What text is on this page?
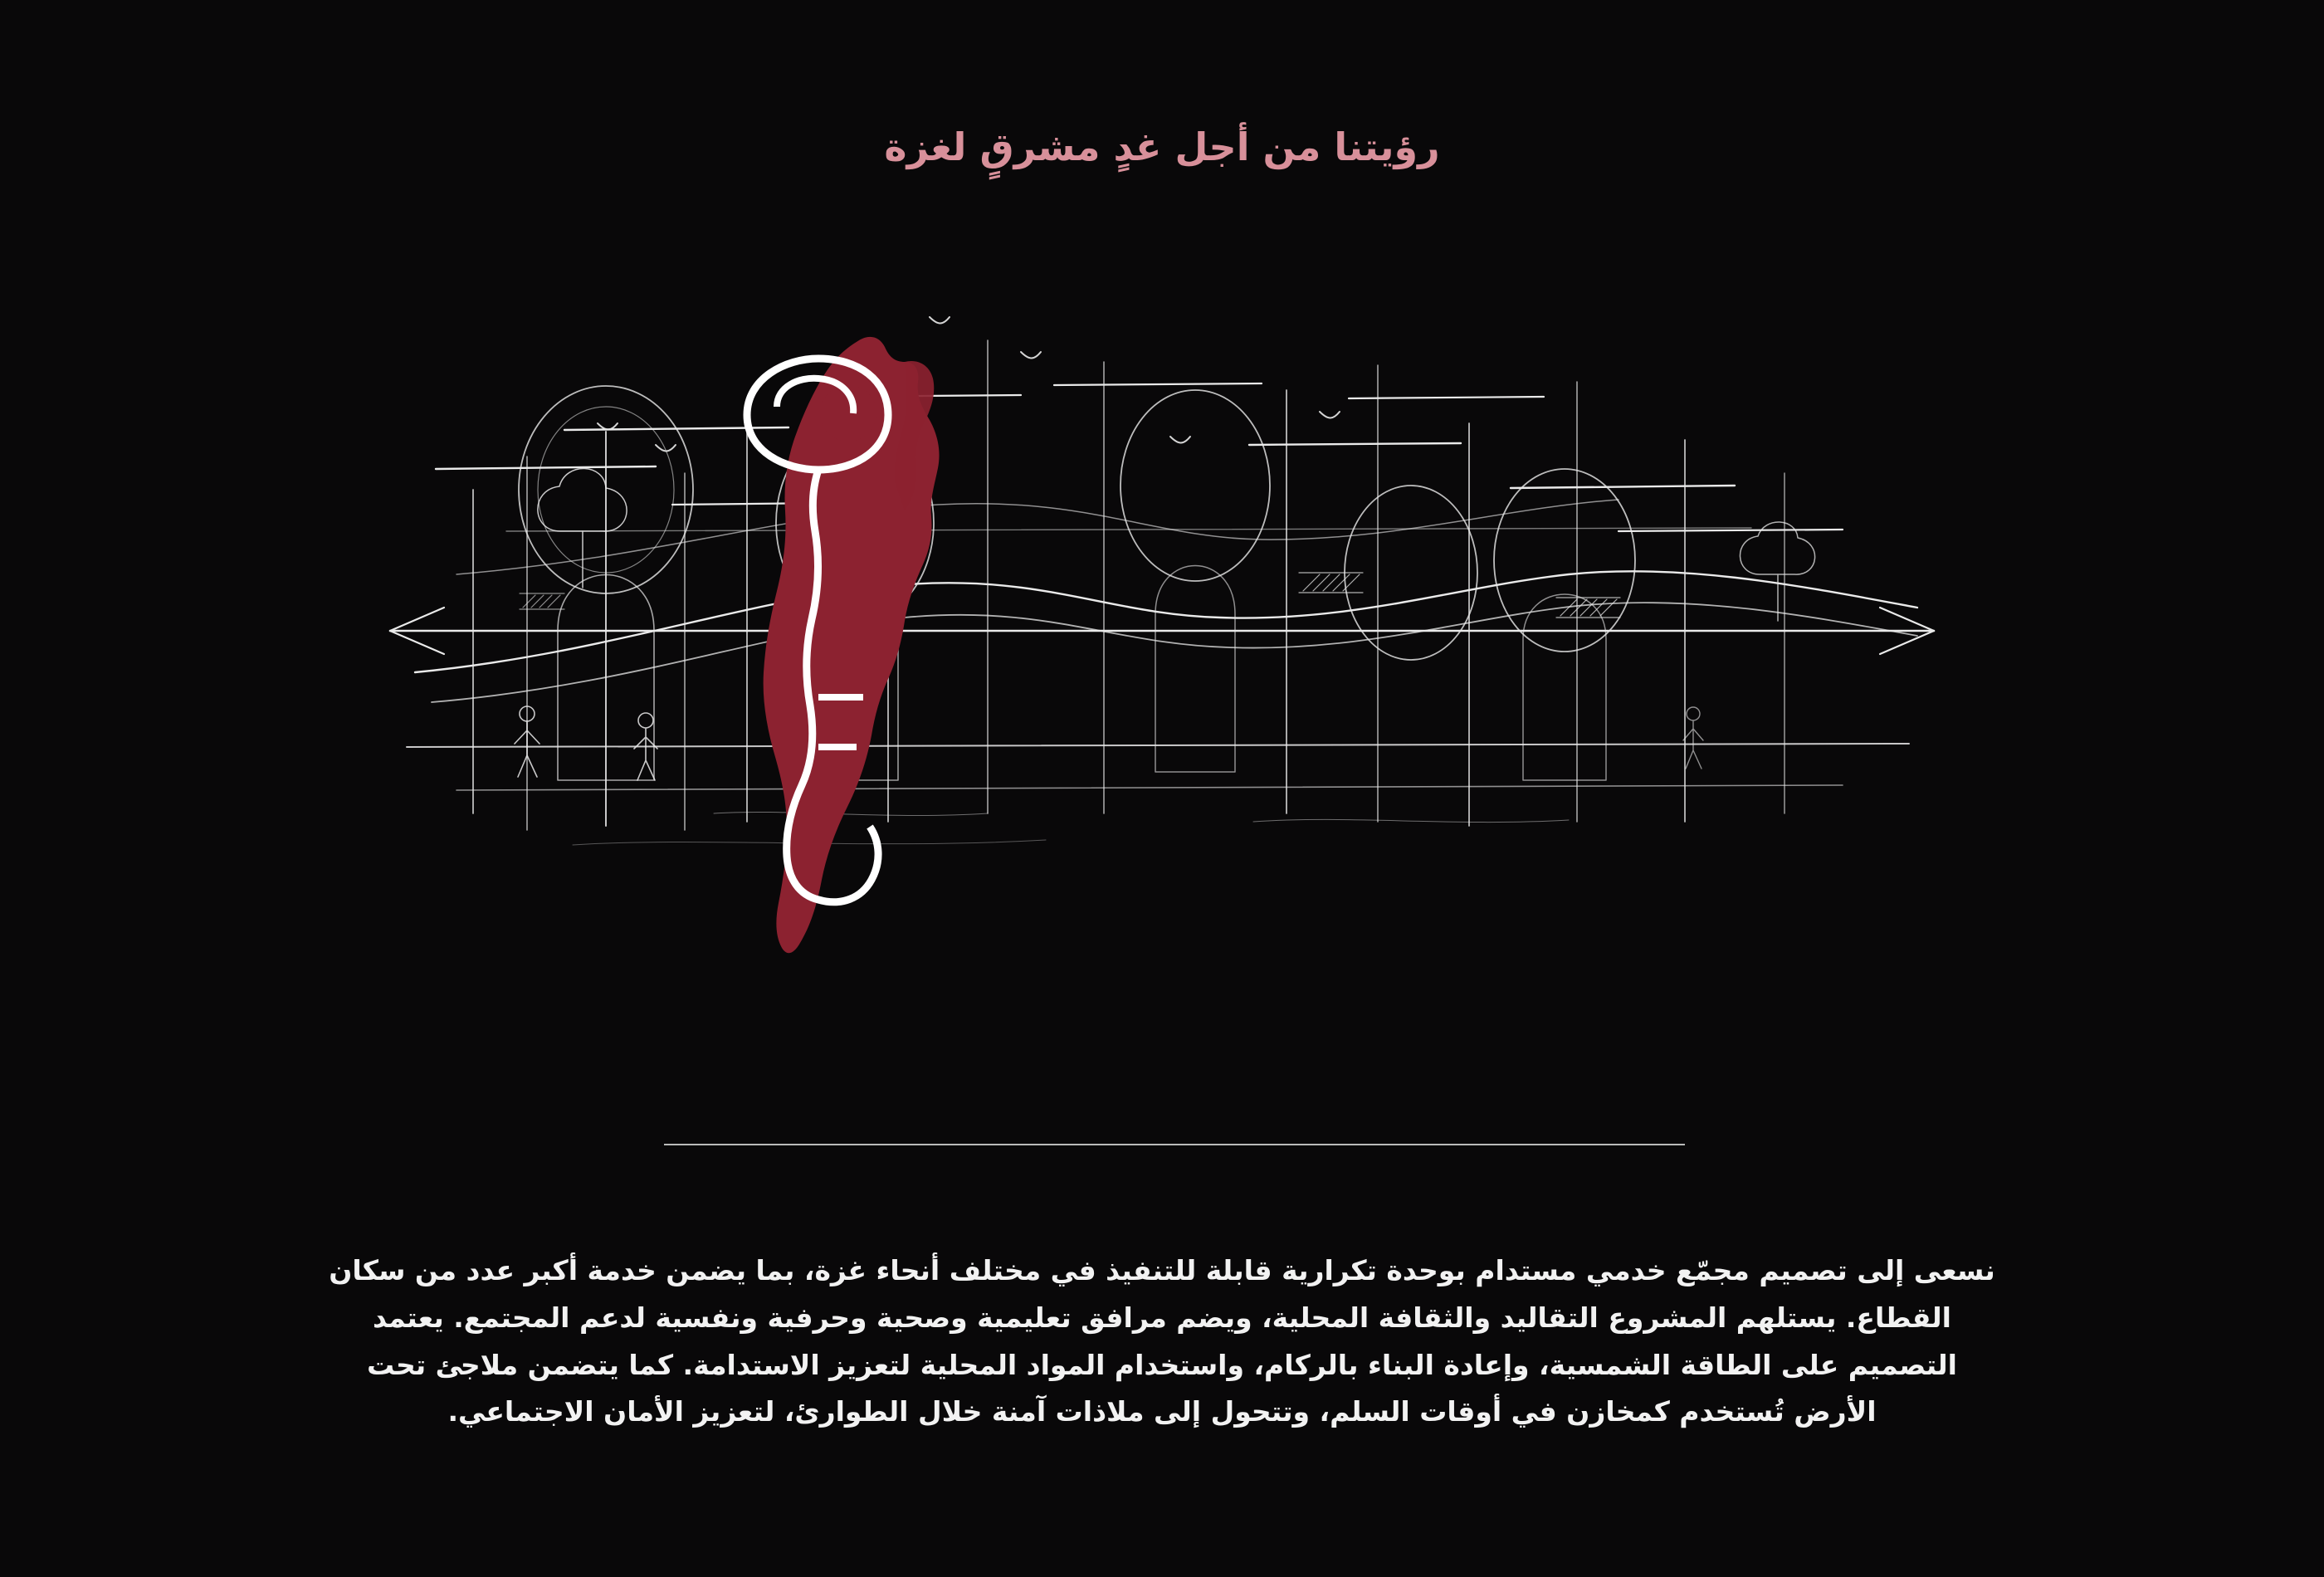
رؤيتنا من أجل غدٍ مشرقٍ لغزة

نسعى إلى تصميم مجمّع خدمي مستدام بوحدة تكرارية قابلة للتنفيذ في مختلف أنحاء غزة، بما يضمن خدمة أكبر عدد من سكان القطاع. يستلهم المشروع التقاليد والثقافة المحلية، ويضم مرافق تعليمية وصحية وحرفية ونفسية لدعم المجتمع. يعتمد التصميم على الطاقة الشمسية، وإعادة البناء بالركام، واستخدام المواد المحلية لتعزيز الاستدامة. كما يتضمن ملاجئ تحت الأرض تُستخدم كمخازن في أوقات السلم، وتتحول إلى ملاذات آمنة خلال الطوارئ، لتعزيز الأمان الاجتماعي.
